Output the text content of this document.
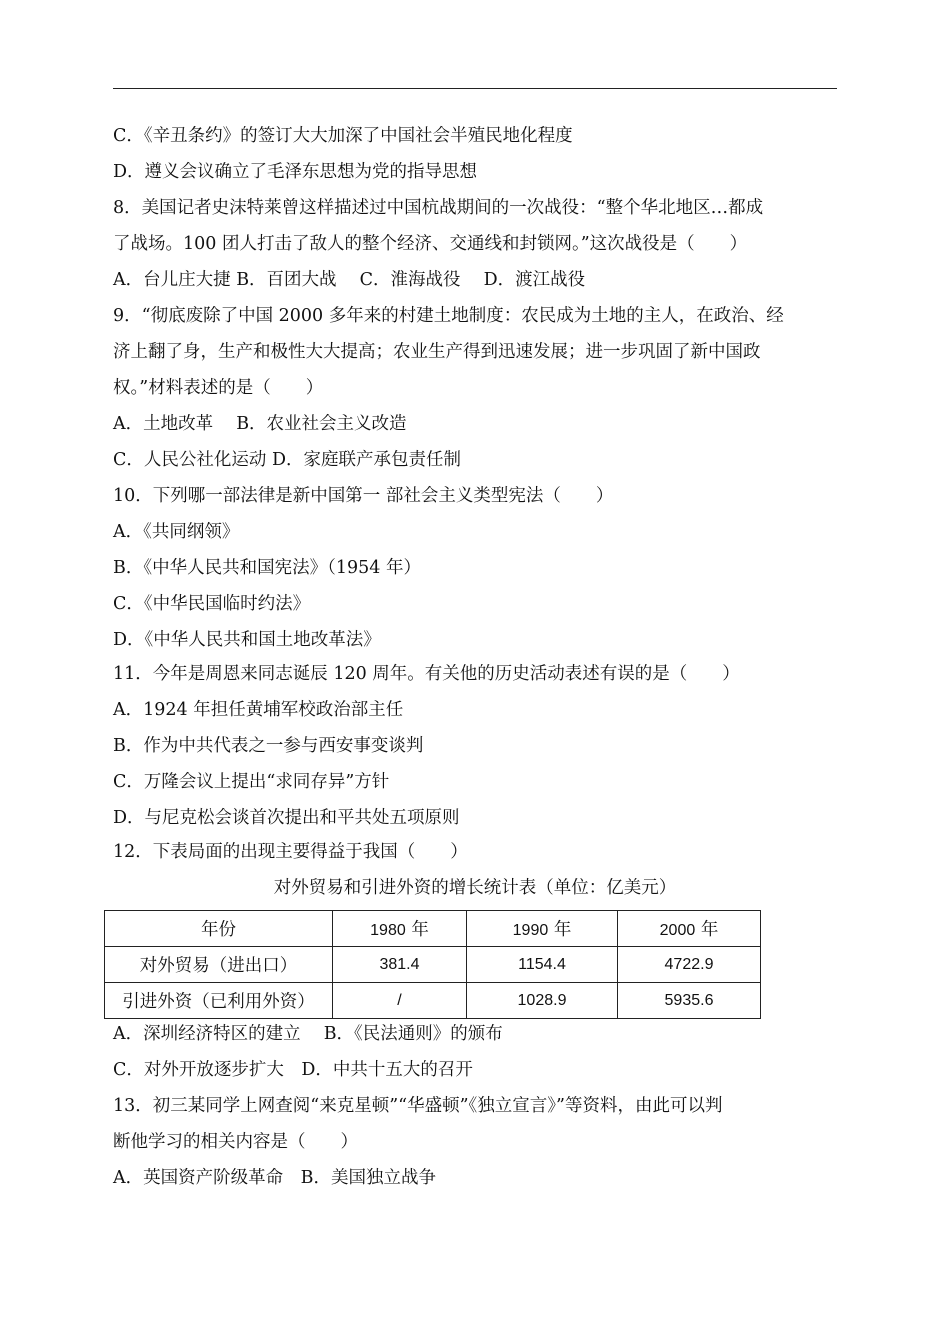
C．《辛丑条约》的签订大大加深了中国社会半殖民地化程度
D．遵义会议确立了毛泽东思想为党的指导思想
8．美国记者史沫特莱曾这样描述过中国杭战期间的一次战役：“整个华北地区…都成
了战场。100 团人打击了敌人的整个经济、交通线和封锁网。”这次战役是（　　）
A．台儿庄大捷 B．百团大战　 C．淮海战役　 D．渡江战役
9．“彻底废除了中国 2000 多年来的村建土地制度：农民成为土地的主人，在政治、经
济上翻了身，生产和极性大大提高；农业生产得到迅速发展；进一步巩固了新中国政
权。”材料表述的是（　　）
A．土地改革　 B．农业社会主义改造
C．人民公社化运动 D．家庭联产承包责任制
10．下列哪一部法律是新中国第一 部社会主义类型宪法（　　）
A．《共同纲领》
B．《中华人民共和国宪法》（1954 年）
C．《中华民国临时约法》
D．《中华人民共和国土地改革法》
11．今年是周恩来同志诞辰 120 周年。有关他的历史活动表述有误的是（　　）
A．1924 年担任黄埔军校政治部主任
B．作为中共代表之一参与西安事变谈判
C．万隆会议上提出“求同存异”方针
D．与尼克松会谈首次提出和平共处五项原则
12．下表局面的出现主要得益于我国（　　）
对外贸易和引进外资的增长统计表（单位：亿美元）
年份	1980 年	1990 年	2000 年
对外贸易（进出口）	381.4	1154.4	4722.9
引进外资（已利用外资）	/	1028.9	5935.6
A．深圳经济特区的建立　 B．《民法通则》的颁布
C．对外开放逐步扩大　D．中共十五大的召开
13．初三某同学上网查阅“来克星顿”“华盛顿”《独立宣言》”等资料，由此可以判
断他学习的相关内容是（　　）
A．英国资产阶级革命　B．美国独立战争
